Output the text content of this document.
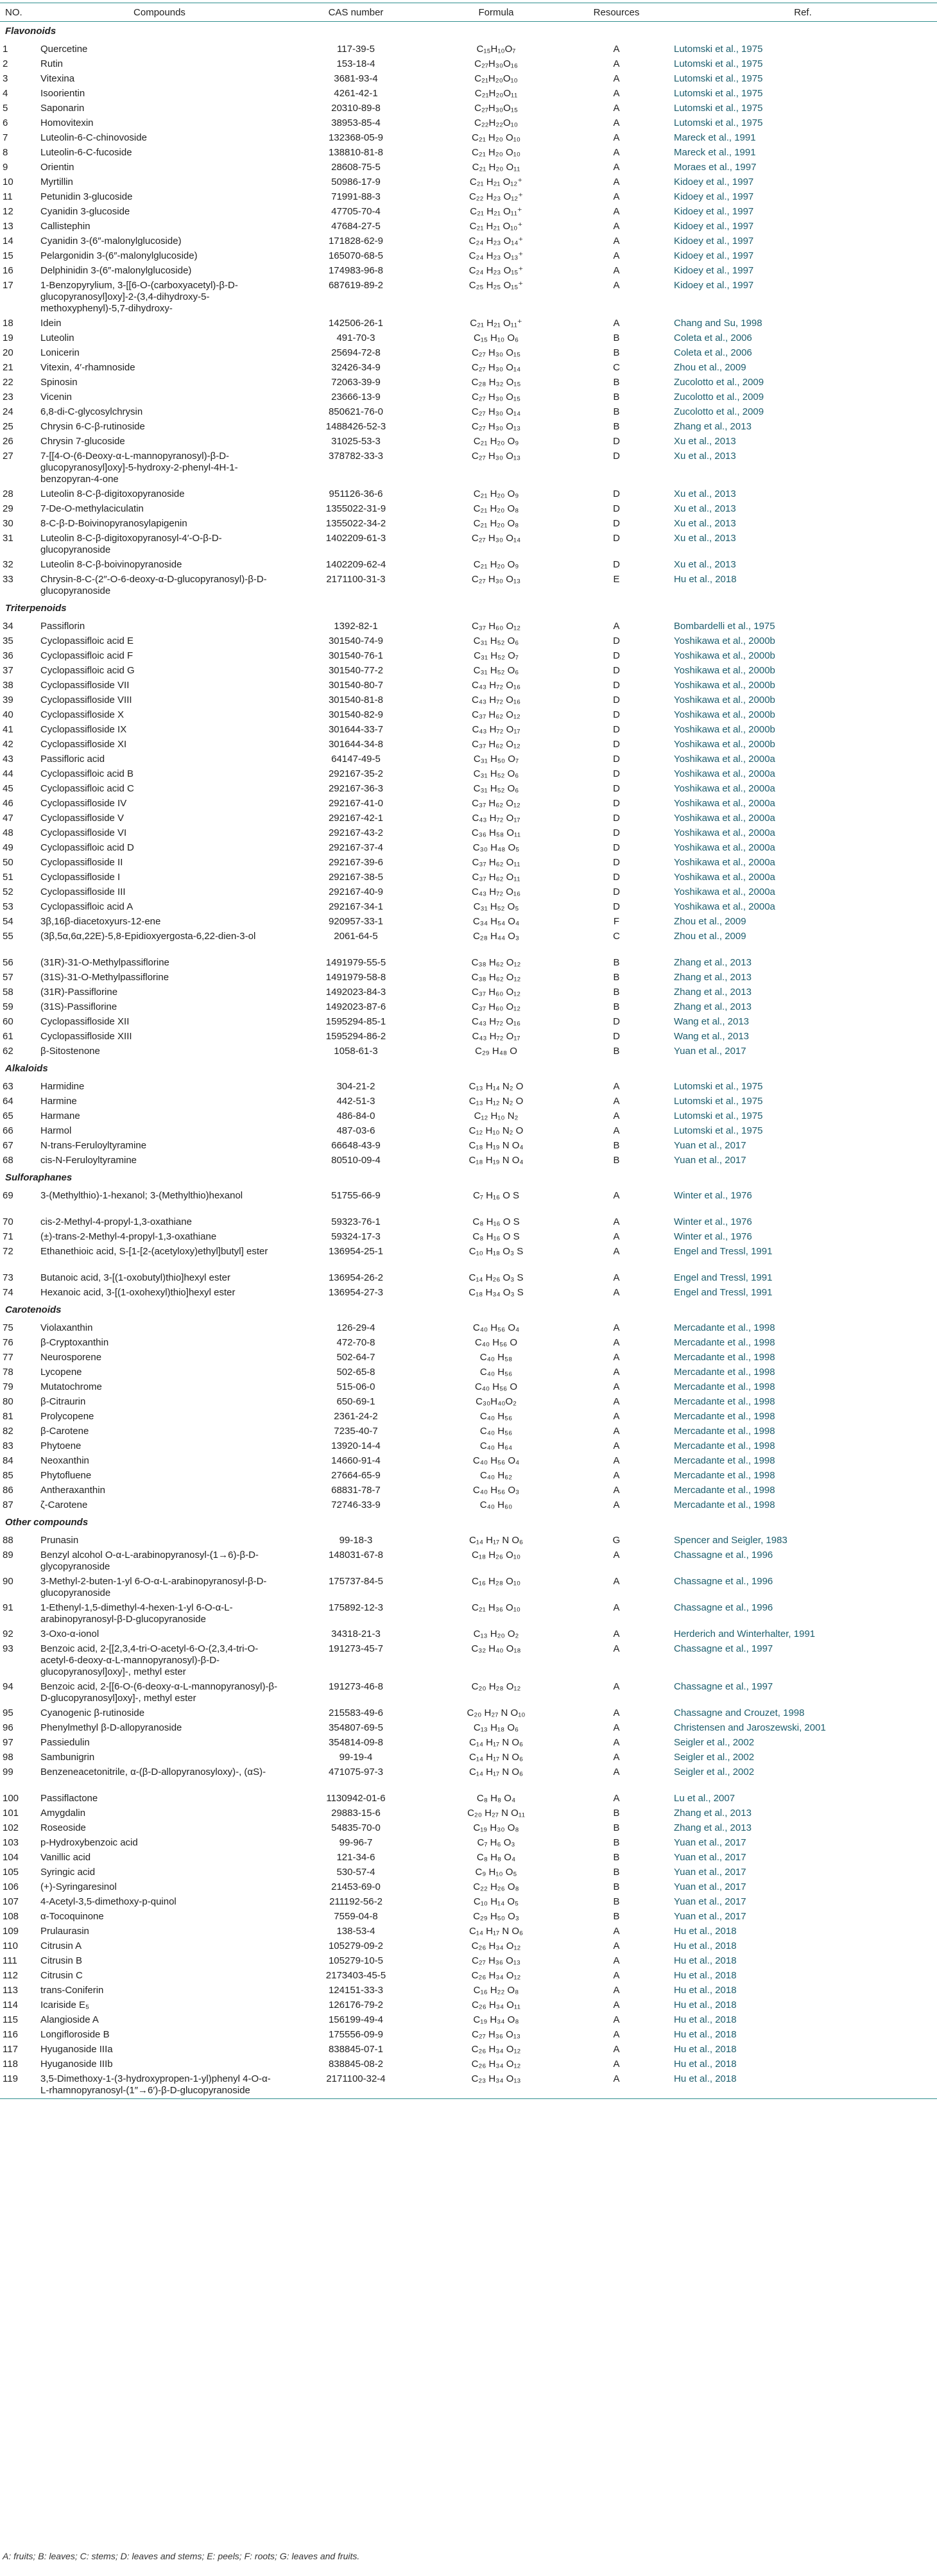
NO.	Compounds	CAS number	Formula	Resources	Ref.
Flavonoids					
1	Quercetine	117-39-5	C₁₅H₁₀O₇	A	Lutomski et al., 1975
2	Rutin	153-18-4	C₂₇H₃₀O₁₆	A	Lutomski et al., 1975
3	Vitexina	3681-93-4	C₂₁H₂₀O₁₀	A	Lutomski et al., 1975
4	Isoorientin	4261-42-1	C₂₁H₂₀O₁₁	A	Lutomski et al., 1975
5	Saponarin	20310-89-8	C₂₇H₃₀O₁₅	A	Lutomski et al., 1975
6	Homovitexin	38953-85-4	C₂₂H₂₂O₁₀	A	Lutomski et al., 1975
7	Luteolin-6-C-chinovoside	132368-05-9	C₂₁ H₂₀ O₁₀	A	Mareck et al., 1991
8	Luteolin-6-C-fucoside	138810-81-8	C₂₁ H₂₀ O₁₀	A	Mareck et al., 1991
9	Orientin	28608-75-5	C₂₁ H₂₀ O₁₁	A	Moraes et al., 1997
10	Myrtillin	50986-17-9	C₂₁ H₂₁ O₁₂⁺	A	Kidoey et al., 1997
11	Petunidin 3-glucoside	71991-88-3	C₂₂ H₂₃ O₁₂⁺	A	Kidoey et al., 1997
12	Cyanidin 3-glucoside	47705-70-4	C₂₁ H₂₁ O₁₁⁺	A	Kidoey et al., 1997
13	Callistephin	47684-27-5	C₂₁ H₂₁ O₁₀⁺	A	Kidoey et al., 1997
14	Cyanidin 3-(6″-malonylglucoside)	171828-62-9	C₂₄ H₂₃ O₁₄⁺	A	Kidoey et al., 1997
15	Pelargonidin 3-(6″-malonylglucoside)	165070-68-5	C₂₄ H₂₃ O₁₃⁺	A	Kidoey et al., 1997
16	Delphinidin 3-(6″-malonylglucoside)	174983-96-8	C₂₄ H₂₃ O₁₅⁺	A	Kidoey et al., 1997
17	1-Benzopyrylium, 3-[[6-O-(carboxyacetyl)-β-D-glucopyranosyl]oxy]-2-(3,4-dihydroxy-5-methoxyphenyl)-5,7-dihydroxy-	687619-89-2	C₂₅ H₂₅ O₁₅⁺	A	Kidoey et al., 1997
18	Idein	142506-26-1	C₂₁ H₂₁ O₁₁⁺	A	Chang and Su, 1998
19	Luteolin	491-70-3	C₁₅ H₁₀ O₆	B	Coleta et al., 2006
20	Lonicerin	25694-72-8	C₂₇ H₃₀ O₁₅	B	Coleta et al., 2006
21	Vitexin, 4′-rhamnoside	32426-34-9	C₂₇ H₃₀ O₁₄	C	Zhou et al., 2009
22	Spinosin	72063-39-9	C₂₈ H₃₂ O₁₅	B	Zucolotto et al., 2009
23	Vicenin	23666-13-9	C₂₇ H₃₀ O₁₅	B	Zucolotto et al., 2009
24	6,8-di-C-glycosylchrysin	850621-76-0	C₂₇ H₃₀ O₁₄	B	Zucolotto et al., 2009
25	Chrysin 6-C-β-rutinoside	1488426-52-3	C₂₇ H₃₀ O₁₃	B	Zhang et al., 2013
26	Chrysin 7-glucoside	31025-53-3	C₂₁ H₂₀ O₉	D	Xu et al., 2013
27	7-[[4-O-(6-Deoxy-α-L-mannopyranosyl)-β-D-glucopyranosyl]oxy]-5-hydroxy-2-phenyl-4H-1-benzopyran-4-one	378782-33-3	C₂₇ H₃₀ O₁₃	D	Xu et al., 2013
28	Luteolin 8-C-β-digitoxopyranoside	951126-36-6	C₂₁ H₂₀ O₉	D	Xu et al., 2013
29	7-De-O-methylaciculatin	1355022-31-9	C₂₁ H₂₀ O₈	D	Xu et al., 2013
30	8-C-β-D-Boivinopyranosylapigenin	1355022-34-2	C₂₁ H₂₀ O₈	D	Xu et al., 2013
31	Luteolin 8-C-β-digitoxopyranosyl-4′-O-β-D-glucopyranoside	1402209-61-3	C₂₇ H₃₀ O₁₄	D	Xu et al., 2013
32	Luteolin 8-C-β-boivinopyranoside	1402209-62-4	C₂₁ H₂₀ O₉	D	Xu et al., 2013
33	Chrysin-8-C-(2″-O-6-deoxy-α-D-glucopyranosyl)-β-D-glucopyranoside	2171100-31-3	C₂₇ H₃₀ O₁₃	E	Hu et al., 2018
Triterpenoids					
34	Passiflorin	1392-82-1	C₃₇ H₆₀ O₁₂	A	Bombardelli et al., 1975
35	Cyclopassifloic acid E	301540-74-9	C₃₁ H₅₂ O₆	D	Yoshikawa et al., 2000b
36	Cyclopassifloic acid F	301540-76-1	C₃₁ H₅₂ O₇	D	Yoshikawa et al., 2000b
37	Cyclopassifloic acid G	301540-77-2	C₃₁ H₅₂ O₆	D	Yoshikawa et al., 2000b
38	Cyclopassifloside VII	301540-80-7	C₄₃ H₇₂ O₁₆	D	Yoshikawa et al., 2000b
39	Cyclopassifloside VIII	301540-81-8	C₄₃ H₇₂ O₁₆	D	Yoshikawa et al., 2000b
40	Cyclopassifloside X	301540-82-9	C₃₇ H₆₂ O₁₂	D	Yoshikawa et al., 2000b
41	Cyclopassifloside IX	301644-33-7	C₄₃ H₇₂ O₁₇	D	Yoshikawa et al., 2000b
42	Cyclopassifloside XI	301644-34-8	C₃₇ H₆₂ O₁₂	D	Yoshikawa et al., 2000b
43	Passifloric acid	64147-49-5	C₃₁ H₅₀ O₇	D	Yoshikawa et al., 2000a
44	Cyclopassifloic acid B	292167-35-2	C₃₁ H₅₂ O₆	D	Yoshikawa et al., 2000a
45	Cyclopassifloic acid C	292167-36-3	C₃₁ H₅₂ O₆	D	Yoshikawa et al., 2000a
46	Cyclopassifloside IV	292167-41-0	C₃₇ H₆₂ O₁₂	D	Yoshikawa et al., 2000a
47	Cyclopassifloside V	292167-42-1	C₄₃ H₇₂ O₁₇	D	Yoshikawa et al., 2000a
48	Cyclopassifloside VI	292167-43-2	C₃₆ H₅₈ O₁₁	D	Yoshikawa et al., 2000a
49	Cyclopassifloic acid D	292167-37-4	C₃₀ H₄₈ O₅	D	Yoshikawa et al., 2000a
50	Cyclopassifloside II	292167-39-6	C₃₇ H₆₂ O₁₁	D	Yoshikawa et al., 2000a
51	Cyclopassifloside I	292167-38-5	C₃₇ H₆₂ O₁₁	D	Yoshikawa et al., 2000a
52	Cyclopassifloside III	292167-40-9	C₄₃ H₇₂ O₁₆	D	Yoshikawa et al., 2000a
53	Cyclopassifloic acid A	292167-34-1	C₃₁ H₅₂ O₅	D	Yoshikawa et al., 2000a
54	3β,16β-diacetoxyurs-12-ene	920957-33-1	C₃₄ H₅₄ O₄	F	Zhou et al., 2009
55	(3β,5α,6α,22E)-5,8-Epidioxyergosta-6,22-dien-3-ol	2061-64-5	C₂₈ H₄₄ O₃	C	Zhou et al., 2009
56	(31R)-31-O-Methylpassiflorine	1491979-55-5	C₃₈ H₆₂ O₁₂	B	Zhang et al., 2013
57	(31S)-31-O-Methylpassiflorine	1491979-58-8	C₃₈ H₆₂ O₁₂	B	Zhang et al., 2013
58	(31R)-Passiflorine	1492023-84-3	C₃₇ H₆₀ O₁₂	B	Zhang et al., 2013
59	(31S)-Passiflorine	1492023-87-6	C₃₇ H₆₀ O₁₂	B	Zhang et al., 2013
60	Cyclopassifloside XII	1595294-85-1	C₄₃ H₇₂ O₁₆	D	Wang et al., 2013
61	Cyclopassifloside XIII	1595294-86-2	C₄₃ H₇₂ O₁₇	D	Wang et al., 2013
62	β-Sitostenone	1058-61-3	C₂₉ H₄₈ O	B	Yuan et al., 2017
Alkaloids					
63	Harmidine	304-21-2	C₁₃ H₁₄ N₂ O	A	Lutomski et al., 1975
64	Harmine	442-51-3	C₁₃ H₁₂ N₂ O	A	Lutomski et al., 1975
65	Harmane	486-84-0	C₁₂ H₁₀ N₂	A	Lutomski et al., 1975
66	Harmol	487-03-6	C₁₂ H₁₀ N₂ O	A	Lutomski et al., 1975
67	N-trans-Feruloyltyramine	66648-43-9	C₁₈ H₁₉ N O₄	B	Yuan et al., 2017
68	cis-N-Feruloyltyramine	80510-09-4	C₁₈ H₁₉ N O₄	B	Yuan et al., 2017
Sulforaphanes					
69	3-(Methylthio)-1-hexanol; 3-(Methylthio)hexanol	51755-66-9	C₇ H₁₆ O S	A	Winter et al., 1976
70	cis-2-Methyl-4-propyl-1,3-oxathiane	59323-76-1	C₈ H₁₆ O S	A	Winter et al., 1976
71	(±)-trans-2-Methyl-4-propyl-1,3-oxathiane	59324-17-3	C₈ H₁₆ O S	A	Winter et al., 1976
72	Ethanethioic acid, S-[1-[2-(acetyloxy)ethyl]butyl] ester	136954-25-1	C₁₀ H₁₈ O₃ S	A	Engel and Tressl, 1991
73	Butanoic acid, 3-[(1-oxobutyl)thio]hexyl ester	136954-26-2	C₁₄ H₂₆ O₃ S	A	Engel and Tressl, 1991
74	Hexanoic acid, 3-[(1-oxohexyl)thio]hexyl ester	136954-27-3	C₁₈ H₃₄ O₃ S	A	Engel and Tressl, 1991
Carotenoids					
75	Violaxanthin	126-29-4	C₄₀ H₅₆ O₄	A	Mercadante et al., 1998
76	β-Cryptoxanthin	472-70-8	C₄₀ H₅₆ O	A	Mercadante et al., 1998
77	Neurosporene	502-64-7	C₄₀ H₅₈	A	Mercadante et al., 1998
78	Lycopene	502-65-8	C₄₀ H₅₆	A	Mercadante et al., 1998
79	Mutatochrome	515-06-0	C₄₀ H₅₆ O	A	Mercadante et al., 1998
80	β-Citraurin	650-69-1	C₃₀H₄₀O₂	A	Mercadante et al., 1998
81	Prolycopene	2361-24-2	C₄₀ H₅₆	A	Mercadante et al., 1998
82	β-Carotene	7235-40-7	C₄₀ H₅₆	A	Mercadante et al., 1998
83	Phytoene	13920-14-4	C₄₀ H₆₄	A	Mercadante et al., 1998
84	Neoxanthin	14660-91-4	C₄₀ H₅₆ O₄	A	Mercadante et al., 1998
85	Phytofluene	27664-65-9	C₄₀ H₆₂	A	Mercadante et al., 1998
86	Antheraxanthin	68831-78-7	C₄₀ H₅₆ O₃	A	Mercadante et al., 1998
87	ζ-Carotene	72746-33-9	C₄₀ H₆₀	A	Mercadante et al., 1998
Other compounds					
88	Prunasin	99-18-3	C₁₄ H₁₇ N O₆	G	Spencer and Seigler, 1983
89	Benzyl alcohol O-α-L-arabinopyranosyl-(1→6)-β-D-glycopyranoside	148031-67-8	C₁₈ H₂₆ O₁₀	A	Chassagne et al., 1996
90	3-Methyl-2-buten-1-yl 6-O-α-L-arabinopyranosyl-β-D-glucopyranoside	175737-84-5	C₁₆ H₂₈ O₁₀	A	Chassagne et al., 1996
91	1-Ethenyl-1,5-dimethyl-4-hexen-1-yl 6-O-α-L-arabinopyranosyl-β-D-glucopyranoside	175892-12-3	C₂₁ H₃₆ O₁₀	A	Chassagne et al., 1996
92	3-Oxo-α-ionol	34318-21-3	C₁₃ H₂₀ O₂	A	Herderich and Winterhalter, 1991
93	Benzoic acid, 2-[[2,3,4-tri-O-acetyl-6-O-(2,3,4-tri-O-acetyl-6-deoxy-α-L-mannopyranosyl)-β-D-glucopyranosyl]oxy]-, methyl ester	191273-45-7	C₃₂ H₄₀ O₁₈	A	Chassagne et al., 1997
94	Benzoic acid, 2-[[6-O-(6-deoxy-α-L-mannopyranosyl)-β-D-glucopyranosyl]oxy]-, methyl ester	191273-46-8	C₂₀ H₂₈ O₁₂	A	Chassagne et al., 1997
95	Cyanogenic β-rutinoside	215583-49-6	C₂₀ H₂₇ N O₁₀	A	Chassagne and Crouzet, 1998
96	Phenylmethyl β-D-allopyranoside	354807-69-5	C₁₃ H₁₈ O₆	A	Christensen and Jaroszewski, 2001
97	Passiedulin	354814-09-8	C₁₄ H₁₇ N O₆	A	Seigler et al., 2002
98	Sambunigrin	99-19-4	C₁₄ H₁₇ N O₆	A	Seigler et al., 2002
99	Benzeneacetonitrile, α-(β-D-allopyranosyloxy)-, (αS)-	471075-97-3	C₁₄ H₁₇ N O₆	A	Seigler et al., 2002
100	Passiflactone	1130942-01-6	C₈ H₈ O₄	A	Lu et al., 2007
101	Amygdalin	29883-15-6	C₂₀ H₂₇ N O₁₁	B	Zhang et al., 2013
102	Roseoside	54835-70-0	C₁₉ H₃₀ O₈	B	Zhang et al., 2013
103	p-Hydroxybenzoic acid	99-96-7	C₇ H₆ O₃	B	Yuan et al., 2017
104	Vanillic acid	121-34-6	C₈ H₈ O₄	B	Yuan et al., 2017
105	Syringic acid	530-57-4	C₉ H₁₀ O₅	B	Yuan et al., 2017
106	(+)-Syringaresinol	21453-69-0	C₂₂ H₂₆ O₈	B	Yuan et al., 2017
107	4-Acetyl-3,5-dimethoxy-p-quinol	211192-56-2	C₁₀ H₁₄ O₅	B	Yuan et al., 2017
108	α-Tocoquinone	7559-04-8	C₂₉ H₅₀ O₃	B	Yuan et al., 2017
109	Prulaurasin	138-53-4	C₁₄ H₁₇ N O₆	A	Hu et al., 2018
110	Citrusin A	105279-09-2	C₂₆ H₃₄ O₁₂	A	Hu et al., 2018
111	Citrusin B	105279-10-5	C₂₇ H₃₆ O₁₃	A	Hu et al., 2018
112	Citrusin C	2173403-45-5	C₂₆ H₃₄ O₁₂	A	Hu et al., 2018
113	trans-Coniferin	124151-33-3	C₁₆ H₂₂ O₈	A	Hu et al., 2018
114	Icariside E₅	126176-79-2	C₂₆ H₃₄ O₁₁	A	Hu et al., 2018
115	Alangioside A	156199-49-4	C₁₉ H₃₄ O₈	A	Hu et al., 2018
116	Longifloroside B	175556-09-9	C₂₇ H₃₆ O₁₃	A	Hu et al., 2018
117	Hyuganoside IIIa	838845-07-1	C₂₆ H₃₄ O₁₂	A	Hu et al., 2018
118	Hyuganoside IIIb	838845-08-2	C₂₆ H₃₄ O₁₂	A	Hu et al., 2018
119	3,5-Dimethoxy-1-(3-hydroxypropen-1-yl)phenyl 4-O-α-L-rhamnopyranosyl-(1″→6′)-β-D-glucopyranoside	2171100-32-4	C₂₃ H₃₄ O₁₃	A	Hu et al., 2018
A: fruits; B: leaves; C: stems; D: leaves and stems; E: peels; F: roots; G: leaves and fruits.
